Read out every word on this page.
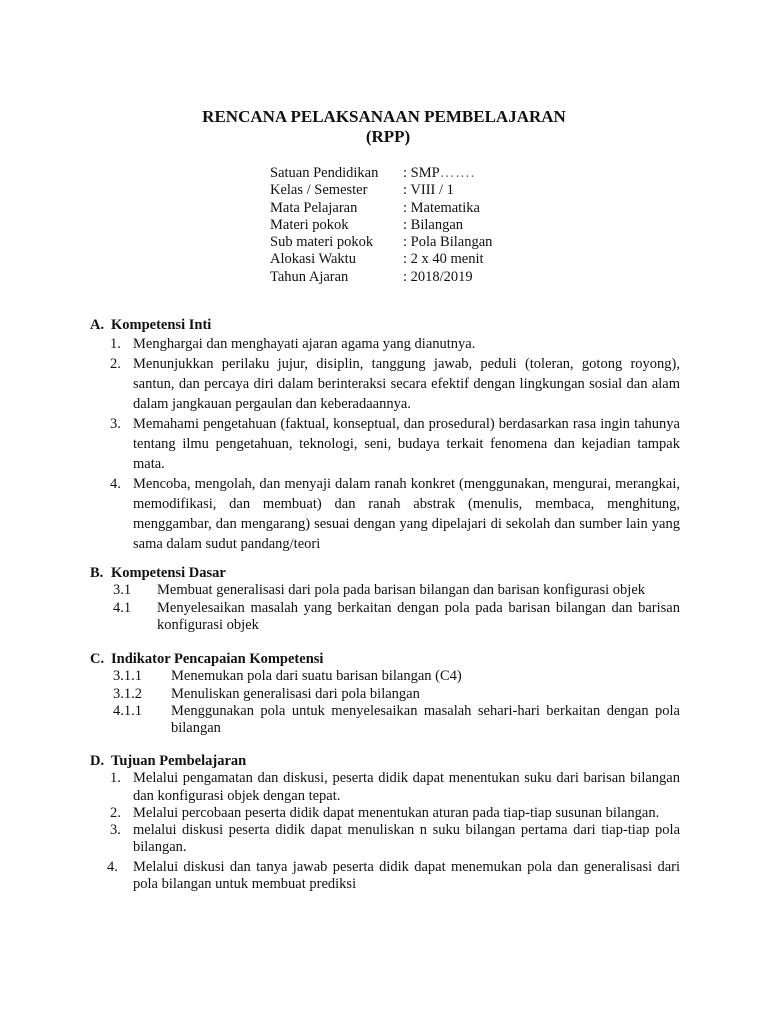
RENCANA PELAKSANAAN PEMBELAJARAN
(RPP)
Satuan Pendidikan	: SMP…….
Kelas / Semester	: VIII / 1
Mata Pelajaran	: Matematika
Materi pokok	: Bilangan
Sub materi pokok	: Pola Bilangan
Alokasi Waktu	: 2 x 40 menit
Tahun Ajaran	: 2018/2019
A. Kompetensi Inti
1. Menghargai dan menghayati ajaran agama yang dianutnya.
2. Menunjukkan perilaku jujur, disiplin, tanggung jawab, peduli (toleran, gotong royong), santun, dan percaya diri dalam berinteraksi secara efektif dengan lingkungan sosial dan alam dalam jangkauan pergaulan dan keberadaannya.
3. Memahami pengetahuan (faktual, konseptual, dan prosedural) berdasarkan rasa ingin tahunya tentang ilmu pengetahuan, teknologi, seni, budaya terkait fenomena dan kejadian tampak mata.
4. Mencoba, mengolah, dan menyaji dalam ranah konkret (menggunakan, mengurai, merangkai, memodifikasi, dan membuat) dan ranah abstrak (menulis, membaca, menghitung, menggambar, dan mengarang) sesuai dengan yang dipelajari di sekolah dan sumber lain yang sama dalam sudut pandang/teori
B. Kompetensi Dasar
3.1	Membuat generalisasi dari pola pada barisan bilangan dan barisan konfigurasi objek
4.1	Menyelesaikan masalah yang berkaitan dengan pola pada barisan bilangan dan barisan konfigurasi objek
C. Indikator Pencapaian Kompetensi
3.1.1	Menemukan pola dari suatu barisan bilangan (C4)
3.1.2	Menuliskan generalisasi dari pola bilangan
4.1.1	Menggunakan pola untuk menyelesaikan masalah sehari-hari berkaitan dengan pola bilangan
D. Tujuan Pembelajaran
1. Melalui pengamatan dan diskusi, peserta didik dapat menentukan suku dari barisan bilangan dan konfigurasi objek dengan tepat.
2. Melalui percobaan peserta didik dapat menentukan aturan pada tiap-tiap susunan bilangan.
3. melalui diskusi peserta didik dapat menuliskan n suku bilangan pertama dari tiap-tiap pola bilangan.
4.	Melalui diskusi dan tanya jawab peserta didik dapat menemukan pola dan generalisasi dari pola bilangan untuk membuat prediksi
